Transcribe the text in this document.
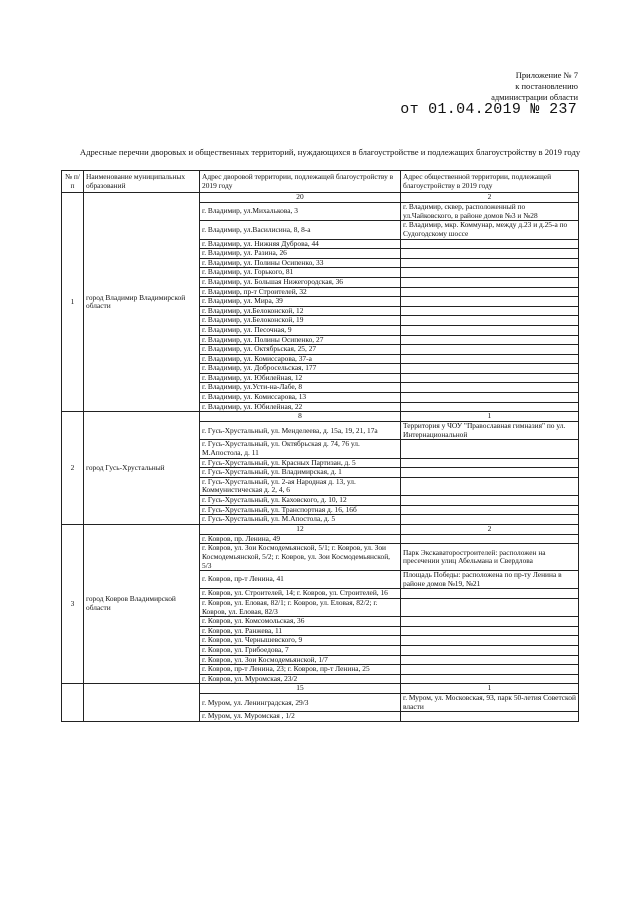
Приложение № 7
к постановлению
администрации области
от 01.04.2019 № 237
Адресные перечни дворовых и общественных территорий, нуждающихся в благоустройстве и подлежащих благоустройству в 2019 году
№ п/п	Наименование муниципальных образований	Адрес дворовой территории, подлежащей благоустройству в 2019 году	Адрес общественной территории, подлежащей благоустройству в 2019 году
1	город Владимир Владимирской области	20	2
		г. Владимир, ул.Михалькова, 3	г. Владимир, сквер, расположенный по ул.Чайковского, в районе домов №3 и №28
		г. Владимир, ул.Василисина, 8, 8-а	г. Владимир, мкр. Коммунар, между д.23 и д.25-а по Судогодскому шоссе
		г. Владимир, ул. Нижняя Дуброва, 44	
		г. Владимир, ул. Разина, 26	
		г. Владимир, ул. Полины Осипенко, 33	
		г. Владимир, ул. Горького, 81	
		г. Владимир, ул. Большая Нижегородская, 36	
		г. Владимир, пр-т Строителей, 32	
		г. Владимир, ул. Мира, 39	
		г. Владимир, ул.Белоконской, 12	
		г. Владимир, ул.Белоконской, 19	
		г. Владимир, ул. Песочная, 9	
		г. Владимир, ул. Полины Осипенко, 27	
		г. Владимир, ул. Октябрьская, 25, 27	
		г. Владимир, ул. Комиссарова, 37-а	
		г. Владимир, ул. Добросельская, 177	
		г. Владимир, ул. Юбилейная, 12	
		г. Владимир, ул.Усти-на-Лабе, 8	
		г. Владимир, ул. Комиссарова, 13	
		г. Владимир, ул. Юбилейная, 22	
2	город Гусь-Хрустальный	8	1
		г. Гусь-Хрустальный, ул. Менделеева, д. 15а, 19, 21, 17а	Территория у ЧОУ "Православная гимназия" по ул. Интернациональной
		г. Гусь-Хрустальный, ул. Октябрьская д. 74, 76 ул. М.Апостола, д. 11	
		г. Гусь-Хрустальный, ул. Красных Партизан, д. 5	
		г. Гусь-Хрустальный, ул. Владимирская, д. 1	
		г. Гусь-Хрустальный, ул. 2-ая Народная д. 13, ул. Коммунистическая д. 2, 4, 6	
		г. Гусь-Хрустальный, ул. Каховского, д. 10, 12	
		г. Гусь-Хрустальный, ул. Транспортная д. 16, 16б	
		г. Гусь-Хрустальный, ул. М.Апостола, д. 5	
3	город Ковров Владимирской области	12	2
		г. Ковров, пр. Ленина, 49	
		г. Ковров, ул. Зои Космодемьянской, 5/1; г. Ковров, ул. Зои Космодемьянской, 5/2; г. Ковров, ул. Зои Космодемьянской, 5/3	Парк Экскаваторостроителей: расположен на пресечении улиц Абельмана и Свердлова
		г. Ковров, пр-т Ленина, 41	Площадь Победы: расположена по пр-ту Ленина в районе домов №19, №21
		г. Ковров, ул. Строителей, 14; г. Ковров, ул. Строителей, 16	
		г. Ковров, ул. Еловая, 82/1; г. Ковров, ул. Еловая, 82/2; г. Ковров, ул. Еловая, 82/3	
		г. Ковров, ул. Комсомольская, 36	
		г. Ковров, ул. Ранжева, 11	
		г. Ковров, ул. Чернышевского, 9	
		г. Ковров, ул. Грибоедова, 7	
		г. Ковров, ул. Зои Космодемьянской, 1/7	
		г. Ковров, пр-т Ленина, 23; г. Ковров, пр-т Ленина, 25	
		г. Ковров, ул. Муромская, 23/2	
		15	1
		г. Муром, ул. Ленинградская, 29/3	г. Муром, ул. Московская, 93, парк 50-летия Советской власти
		г. Муром, ул. Муромская , 1/2	
